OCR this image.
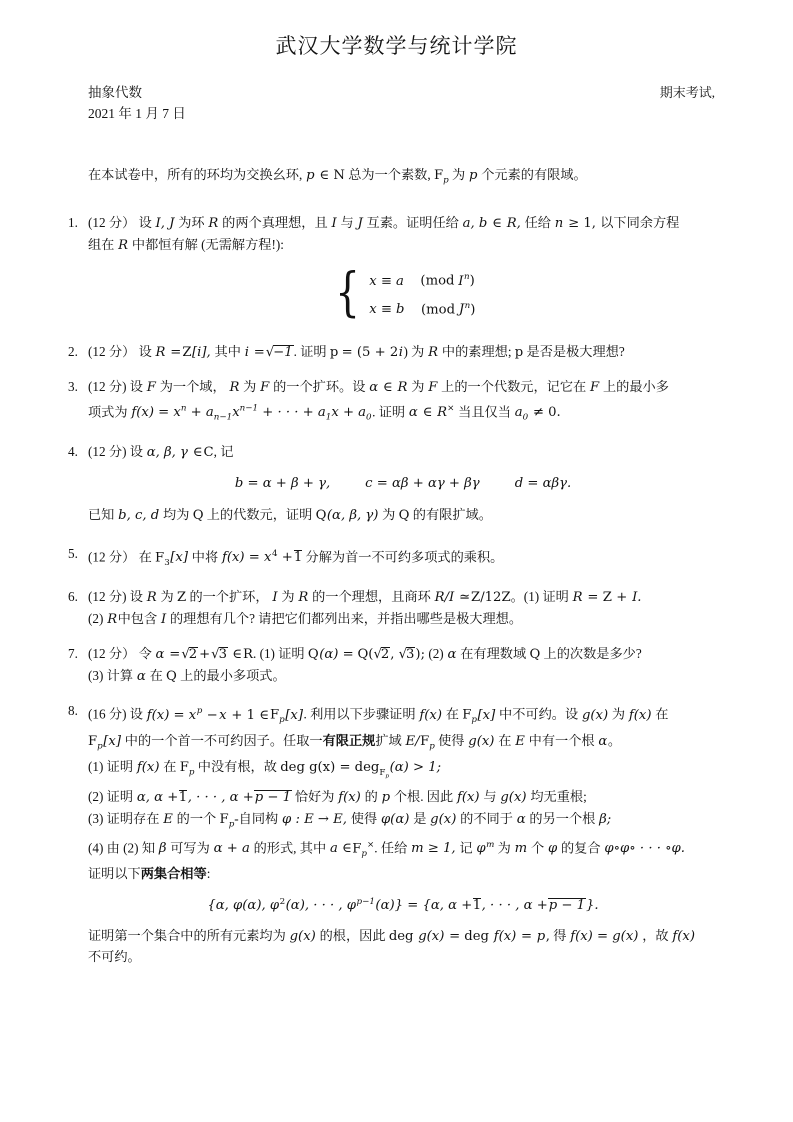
武汉大学数学与统计学院
抽象代数
2021 年 1 月 7 日
期末考试,

在本试卷中，所有的环均为交换幺环, p ∈ N 总为一个素数, $F_p$ 为 p 个元素的有限域。

1. (12 分） 设 I, J 为环 R 的两个真理想，且 I 与 J 互素。证明任给 a, b ∈ R, 任给 n ≥ 1, 以下同余方程
组在 R 中都恒有解 (无需解方程!):
{ x ≡ a (mod $I^n$)
x ≡ b (mod $J^n$)
2. (12 分） 设 R =Z[i], 其中 i =√−1. 证明 p = (5 + 2i) 为 R 中的素理想; p 是否是极大理想?
3. (12 分) 设 F 为一个域， R 为 F 的一个扩环。设 α ∈ R 为 F 上的一个代数元，记它在 F 上的最小多
项式为 $f(x) = x^n + a_{n-1}x^{n-1}$ + · · · + $a_1x + a_0$. 证明 α ∈ R× 当且仅当 $a_0 \ne 0$.
4. (12 分) 设 α, β, γ ∈C, 记
b = α + β + γ,	c = αβ + αγ + βγ	d = αβγ.
已知 b, c, d 均为 Q 上的代数元，证明 Q(α, β, γ) 为 Q 的有限扩域。
5. (12 分） 在 $F_3[x]$ 中将 $f(x) = x^4 +1$ 分解为首一不可约多项式的乘积。
6. (12 分) 设 R 为 Z 的一个扩环， I 为 R 的一个理想，且商环 R/I ≃Z/12Z。(1) 证明 R = Z + I.
(2) R中包含 I 的理想有几个? 请把它们都列出来，并指出哪些是极大理想。
7. (12 分） 令 α =√2 +√3 ∈R. (1) 证明 Q(α) = Q(√2, √3); (2) α 在有理数域 Q 上的次数是多少?
(3) 计算 α 在 Q 上的最小多项式。
8. (16 分) 设 $f(x) = x^p - x + 1$ $\in F_p[x]$. 利用以下步骤证明 f(x) 在 $F_p[x]$ 中不可约。设 g(x) 为 f(x) 在
$F_p[x]$ 中的一个首一不可约因子。任取一有限正规扩域 $E/F_p$ 使得 g(x) 在 E 中有一个根 α。
(1) 证明 f(x) 在 $F_p$ 中没有根，故 deg g(x) = deg$_{F_p}$(α) > 1;
(2) 证明 α, α +1, · · · , α +p − 1 恰好为 f(x) 的 p 个根. 因此 f(x) 与 g(x) 均无重根;
(3) 证明存在 E 的一个 $F_p-$自同构 φ : E → E, 使得 φ(α) 是 g(x) 的不同于 α 的另一个根 β;
(4) 由 (2) 知 β 可写为 α + a 的形式, 其中 a $\in F_p^\times$. 任给 m ≥ 1, 记 $\varphi^m$ 为 m 个 φ 的复合 φ∘φ∘ · · · ∘φ.
证明以下两集合相等:
{α, φ(α), $\varphi^2(\alpha)$, · · · , $\varphi^{p-1}(\alpha)\} = \{\alpha$, α +1, · · · , α +p − 1}.
证明第一个集合中的所有元素均为 g(x) 的根，因此 deg g(x) = deg f(x) = p, 得 f(x) = g(x) ，故 f(x)
不可约。
